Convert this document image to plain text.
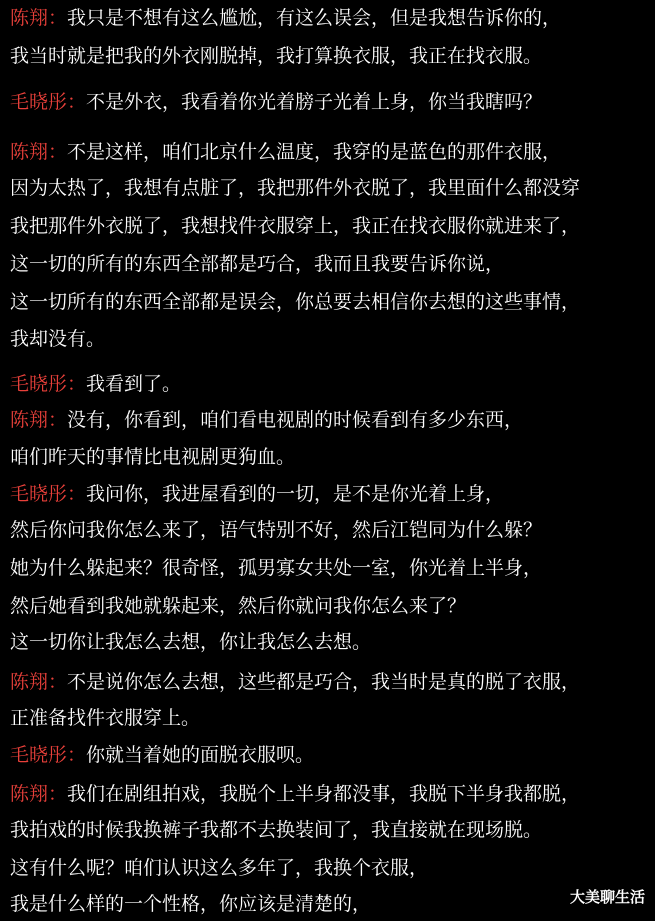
陈翔：我只是不想有这么尴尬，有这么误会，但是我想告诉你的，
我当时就是把我的外衣刚脱掉，我打算换衣服，我正在找衣服。
毛晓彤：不是外衣，我看着你光着膀子光着上身，你当我瞎吗？
陈翔：不是这样，咱们北京什么温度，我穿的是蓝色的那件衣服，
因为太热了，我想有点脏了，我把那件外衣脱了，我里面什么都没穿
我把那件外衣脱了，我想找件衣服穿上，我正在找衣服你就进来了，
这一切的所有的东西全部都是巧合，我而且我要告诉你说，
这一切所有的东西全部都是误会，你总要去相信你去想的这些事情，
我却没有。
毛晓彤：我看到了。
陈翔：没有，你看到，咱们看电视剧的时候看到有多少东西，
咱们昨天的事情比电视剧更狗血。
毛晓彤：我问你，我进屋看到的一切，是不是你光着上身，
然后你问我你怎么来了，语气特别不好，然后江铠同为什么躲？
她为什么躲起来？很奇怪，孤男寡女共处一室，你光着上半身，
然后她看到我她就躲起来，然后你就问我你怎么来了？
这一切你让我怎么去想，你让我怎么去想。
陈翔：不是说你怎么去想，这些都是巧合，我当时是真的脱了衣服，
正准备找件衣服穿上。
毛晓彤：你就当着她的面脱衣服呗。
陈翔：我们在剧组拍戏，我脱个上半身都没事，我脱下半身我都脱，
我拍戏的时候我换裤子我都不去换装间了，我直接就在现场脱。
这有什么呢？咱们认识这么多年了，我换个衣服，
我是什么样的一个性格，你应该是清楚的，	大美聊生活
